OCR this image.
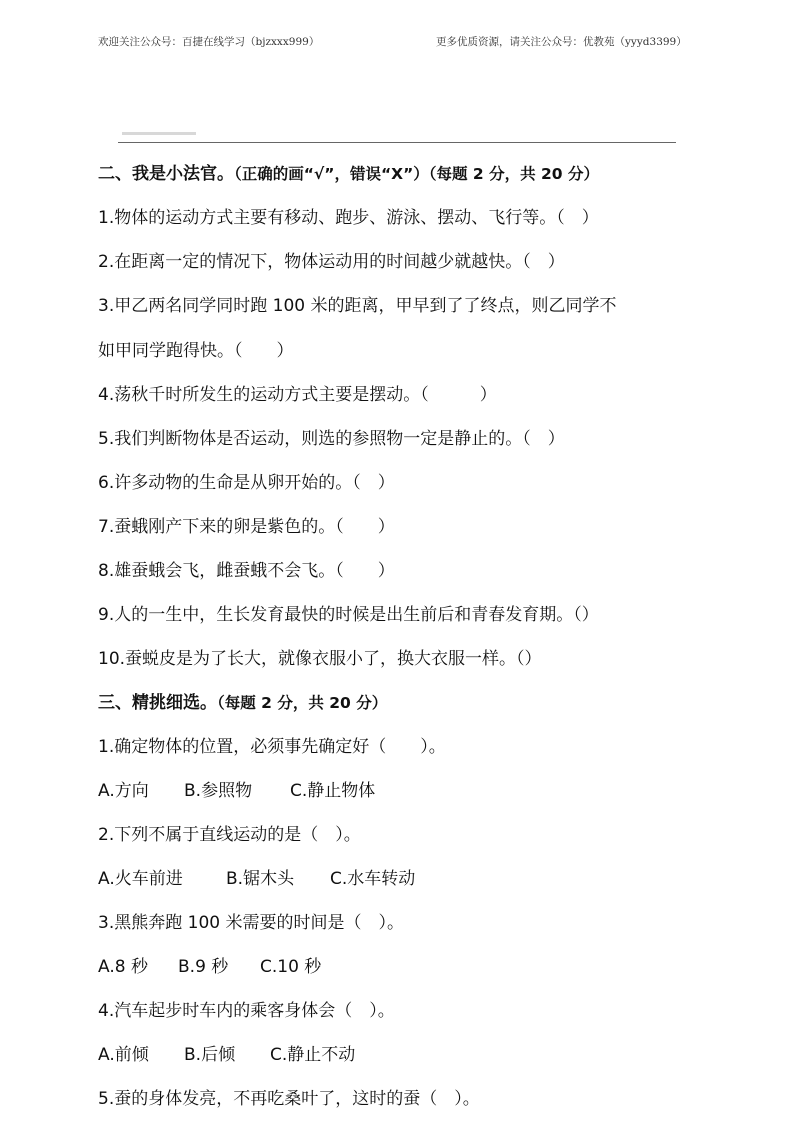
欢迎关注公众号：百捷在线学习（bjzxxx999）	更多优质资源，请关注公众号：优教苑（yyyd3399）
二、我是小法官。（正确的画“√”，错误“X”）（每题 2 分，共 20 分）
1.物体的运动方式主要有移动、跑步、游泳、摆动、飞行等。（　）
2.在距离一定的情况下，物体运动用的时间越少就越快。（　）
3.甲乙两名同学同时跑 100 米的距离，甲早到了了终点，则乙同学不
如甲同学跑得快。（　　）
4.荡秋千时所发生的运动方式主要是摆动。（　　　）
5.我们判断物体是否运动，则选的参照物一定是静止的。（　）
6.许多动物的生命是从卵开始的。（　）
7.蚕蛾刚产下来的卵是紫色的。（　　）
8.雄蚕蛾会飞，雌蚕蛾不会飞。（　　）
9.人的一生中，生长发育最快的时候是出生前后和青春发育期。（）
10.蚕蜕皮是为了长大，就像衣服小了，换大衣服一样。（）
三、精挑细选。（每题 2 分，共 20 分）
1.确定物体的位置，必须事先确定好（　　）。
A.方向 B.参照物 C.静止物体
2.下列不属于直线运动的是（　）。
A.火车前进	B.锯木头 C.水车转动
3.黑熊奔跑 100 米需要的时间是（　）。
A.8 秒 B.9 秒 C.10 秒
4.汽车起步时车内的乘客身体会（　）。
A.前倾 B.后倾 C.静止不动
5.蚕的身体发亮，不再吃桑叶了，这时的蚕（　）。
